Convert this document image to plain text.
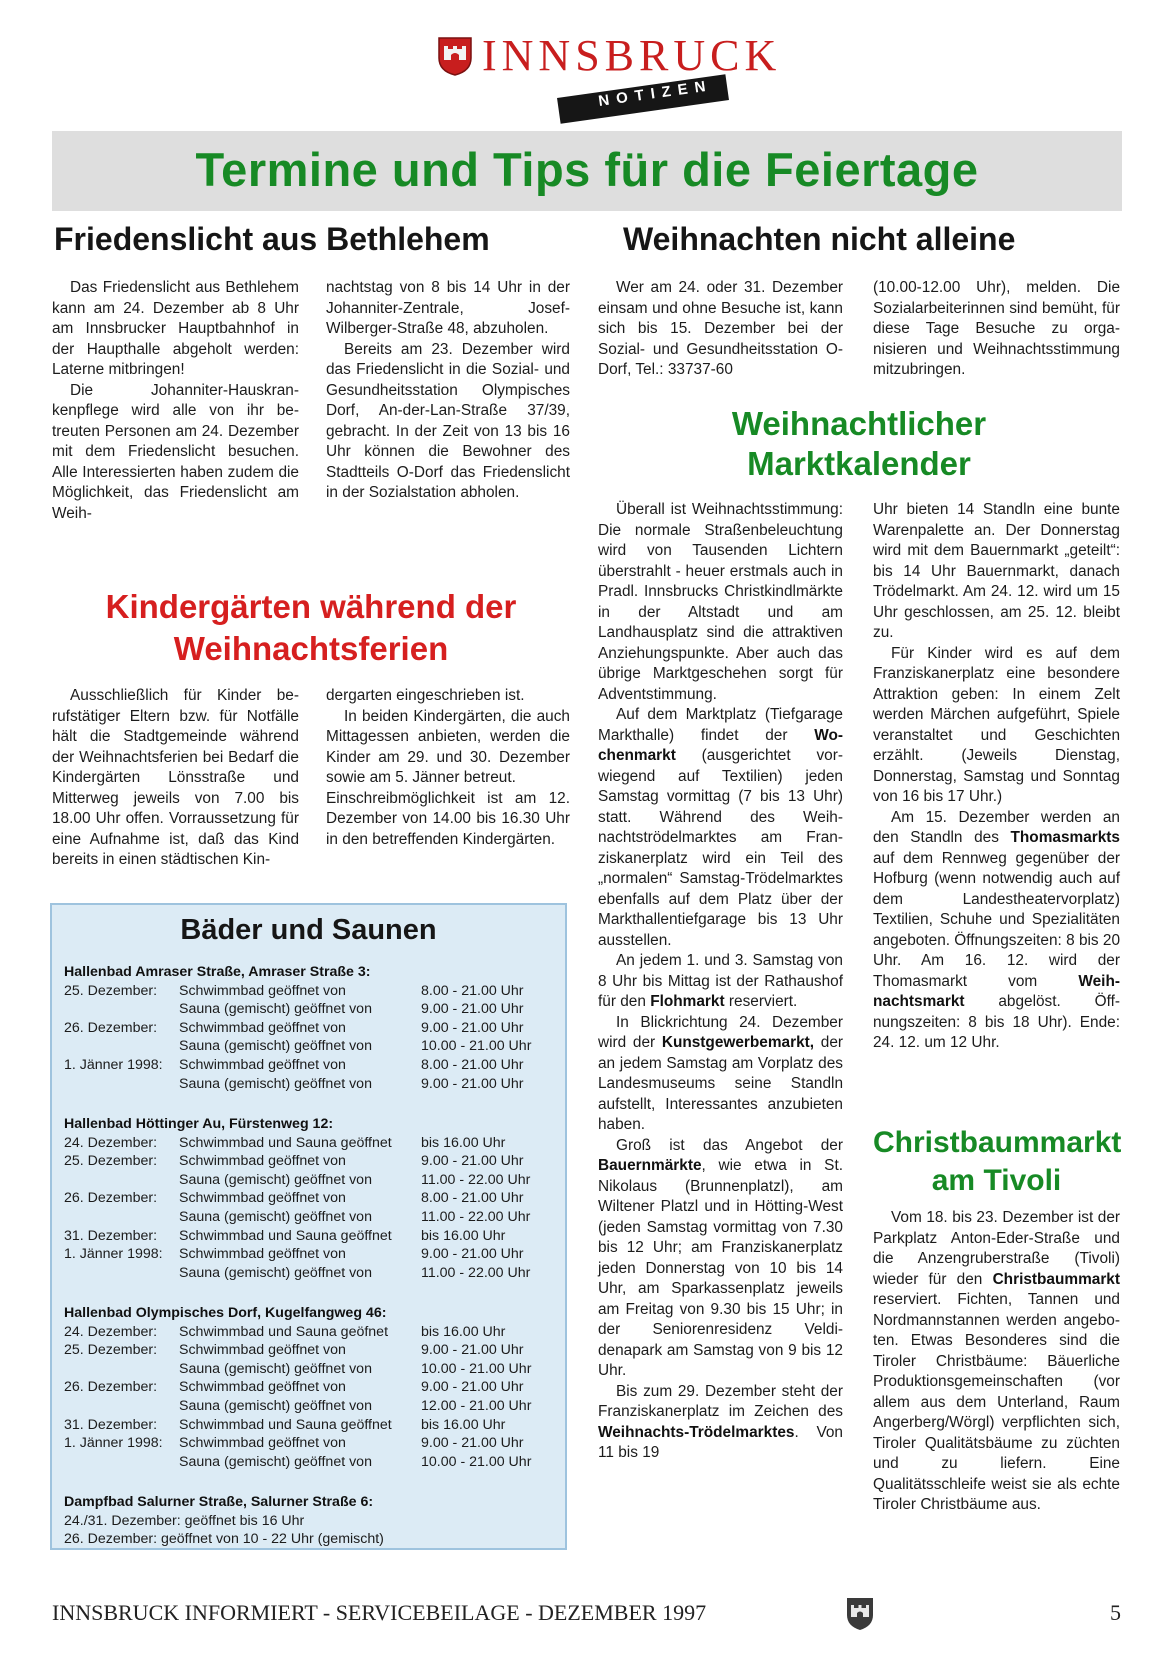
INNSBRUCK
NOTIZEN
Termine und Tips für die Feiertage
Friedenslicht aus Bethlehem

Das Friedenslicht aus Bethlehem kann am 24. Dezember ab 8 Uhr am Innsbrucker Hauptbahnhof in der Haupthalle abgeholt werden: Laterne mitbringen!

Die Johanniter-Hauskrankenpflege wird alle von ihr betreuten Personen am 24. Dezember mit dem Friedenslicht besuchen. Alle Interessierten haben zudem die Möglichkeit, das Friedenslicht am Weih-

nachtstag von 8 bis 14 Uhr in der Johanniter-Zentrale, Josef-Wilberger-Straße 48, abzuholen.

Bereits am 23. Dezember wird das Friedenslicht in die Sozial- und Gesundheitsstation Olympisches Dorf, An-der-Lan-Straße 37/39, gebracht. In der Zeit von 13 bis 16 Uhr können die Bewohner des Stadtteils O-Dorf das Friedenslicht in der Sozialstation abholen.

Weihnachten nicht alleine

Wer am 24. oder 31. Dezember einsam und ohne Besuche ist, kann sich bis 15. Dezember bei der Sozial- und Gesundheitsstation O-Dorf, Tel.: 33737-60

(10.00-12.00 Uhr), melden. Die Sozialarbeiterinnen sind bemüht, für diese Tage Besuche zu organisieren und Weihnachtsstimmung mitzubringen.

Weihnachtlicher
Marktkalender
Kindergärten während der
Weihnachtsferien

Ausschließlich für Kinder berufstätiger Eltern bzw. für Notfälle hält die Stadtgemeinde während der Weihnachtsferien bei Bedarf die Kindergärten Lönsstraße und Mitterweg jeweils von 7.00 bis 18.00 Uhr offen. Vorraussetzung für eine Aufnahme ist, daß das Kind bereits in einen städtischen Kin-

dergarten eingeschrieben ist.

In beiden Kindergärten, die auch Mittagessen anbieten, werden die Kinder am 29. und 30. Dezember sowie am 5. Jänner betreut.

Einschreibmöglichkeit ist am 12. Dezember von 14.00 bis 16.30 Uhr in den betreffenden Kindergärten.

Bäder und Saunen
Hallenbad Amraser Straße, Amraser Straße 3:
25. Dezember:	Schwimmbad geöffnet von	8.00 - 21.00 Uhr
Sauna (gemischt) geöffnet von	9.00 - 21.00 Uhr
26. Dezember:	Schwimmbad geöffnet von	9.00 - 21.00 Uhr
Sauna (gemischt) geöffnet von	10.00 - 21.00 Uhr
1. Jänner 1998:	Schwimmbad geöffnet von	8.00 - 21.00 Uhr
Sauna (gemischt) geöffnet von	9.00 - 21.00 Uhr
Hallenbad Höttinger Au, Fürstenweg 12:
24. Dezember:	Schwimmbad und Sauna geöffnet	bis 16.00 Uhr
25. Dezember:	Schwimmbad geöffnet von	9.00 - 21.00 Uhr
Sauna (gemischt) geöffnet von	11.00 - 22.00 Uhr
26. Dezember:	Schwimmbad geöffnet von	8.00 - 21.00 Uhr
Sauna (gemischt) geöffnet von	11.00 - 22.00 Uhr
31. Dezember:	Schwimmbad und Sauna geöffnet	bis 16.00 Uhr
1. Jänner 1998:	Schwimmbad geöffnet von	9.00 - 21.00 Uhr
Sauna (gemischt) geöffnet von	11.00 - 22.00 Uhr
Hallenbad Olympisches Dorf, Kugelfangweg 46:
24. Dezember:	Schwimmbad und Sauna geöfnet	bis 16.00 Uhr
25. Dezember:	Schwimmbad geöffnet von	9.00 - 21.00 Uhr
Sauna (gemischt) geöffnet von	10.00 - 21.00 Uhr
26. Dezember:	Schwimmbad geöffnet von	9.00 - 21.00 Uhr
Sauna (gemischt) geöffnet von	12.00 - 21.00 Uhr
31. Dezember:	Schwimmbad und Sauna geöffnet	bis 16.00 Uhr
1. Jänner 1998:	Schwimmbad geöffnet von	9.00 - 21.00 Uhr
Sauna (gemischt) geöffnet von	10.00 - 21.00 Uhr
Dampfbad Salurner Straße, Salurner Straße 6:
24./31. Dezember: geöffnet bis 16 Uhr
26. Dezember: geöffnet von 10 - 22 Uhr (gemischt)

Überall ist Weihnachtsstimmung: Die normale Straßenbeleuchtung wird von Tausenden Lichtern überstrahlt - heuer erstmals auch in Pradl. Innsbrucks Christkindlmärkte in der Altstadt und am Landhausplatz sind die attraktiven Anziehungspunkte. Aber auch das übrige Marktgeschehen sorgt für Adventstimmung.

Auf dem Marktplatz (Tiefgarage Markthalle) findet der Wochenmarkt (ausgerichtet vorwiegend auf Textilien) jeden Samstag vormittag (7 bis 13 Uhr) statt. Während des Weihnachtströdelmarktes am Franziskanerplatz wird ein Teil des „normalen“ Samstag-Trödelmarktes ebenfalls auf dem Platz über der Markthallentiefgarage bis 13 Uhr ausstellen.

An jedem 1. und 3. Samstag von 8 Uhr bis Mittag ist der Rathaushof für den Flohmarkt reserviert.

In Blickrichtung 24. Dezember wird der Kunstgewerbemarkt, der an jedem Samstag am Vorplatz des Landesmuseums seine Standln aufstellt, Interessantes anzubieten haben.

Groß ist das Angebot der Bauernmärkte, wie etwa in St. Nikolaus (Brunnenplatzl), am Wiltener Platzl und in Hötting-West (jeden Samstag vormittag von 7.30 bis 12 Uhr; am Franziskanerplatz jeden Donnerstag von 10 bis 14 Uhr, am Sparkassenplatz jeweils am Freitag von 9.30 bis 15 Uhr; in der Seniorenresidenz Veldidenapark am Samstag von 9 bis 12 Uhr.

Bis zum 29. Dezember steht der Franziskanerplatz im Zeichen des Weihnachts-Trödelmarktes. Von 11 bis 19

Uhr bieten 14 Standln eine bunte Warenpalette an. Der Donnerstag wird mit dem Bauernmarkt „geteilt“: bis 14 Uhr Bauernmarkt, danach Trödelmarkt. Am 24. 12. wird um 15 Uhr geschlossen, am 25. 12. bleibt zu.

Für Kinder wird es auf dem Franziskanerplatz eine besondere Attraktion geben: In einem Zelt werden Märchen aufgeführt, Spiele veranstaltet und Geschichten erzählt. (Jeweils Dienstag, Donnerstag, Samstag und Sonntag von 16 bis 17 Uhr.)

Am 15. Dezember werden an den Standln des Thomasmarkts auf dem Rennweg gegenüber der Hofburg (wenn notwendig auch auf dem Landestheatervorplatz) Textilien, Schuhe und Spezialitäten angeboten. Öffnungszeiten: 8 bis 20 Uhr. Am 16. 12. wird der Thomasmarkt vom Weihnachtsmarkt abgelöst. Öffnungszeiten: 8 bis 18 Uhr). Ende: 24. 12. um 12 Uhr.

Christbaummarkt
am Tivoli

Vom 18. bis 23. Dezember ist der Parkplatz Anton-Eder-Straße und die Anzengruberstraße (Tivoli) wieder für den Christbaummarkt reserviert. Fichten, Tannen und Nordmannstannen werden angeboten. Etwas Besonderes sind die Tiroler Christbäume: Bäuerliche Produktionsgemeinschaften (vor allem aus dem Unterland, Raum Angerberg/Wörgl) verpflichten sich, Tiroler Qualitätsbäume zu züchten und zu liefern. Eine Qualitätsschleife weist sie als echte Tiroler Christbäume aus.

INNSBRUCK INFORMIERT - SERVICEBEILAGE - DEZEMBER 1997	5
